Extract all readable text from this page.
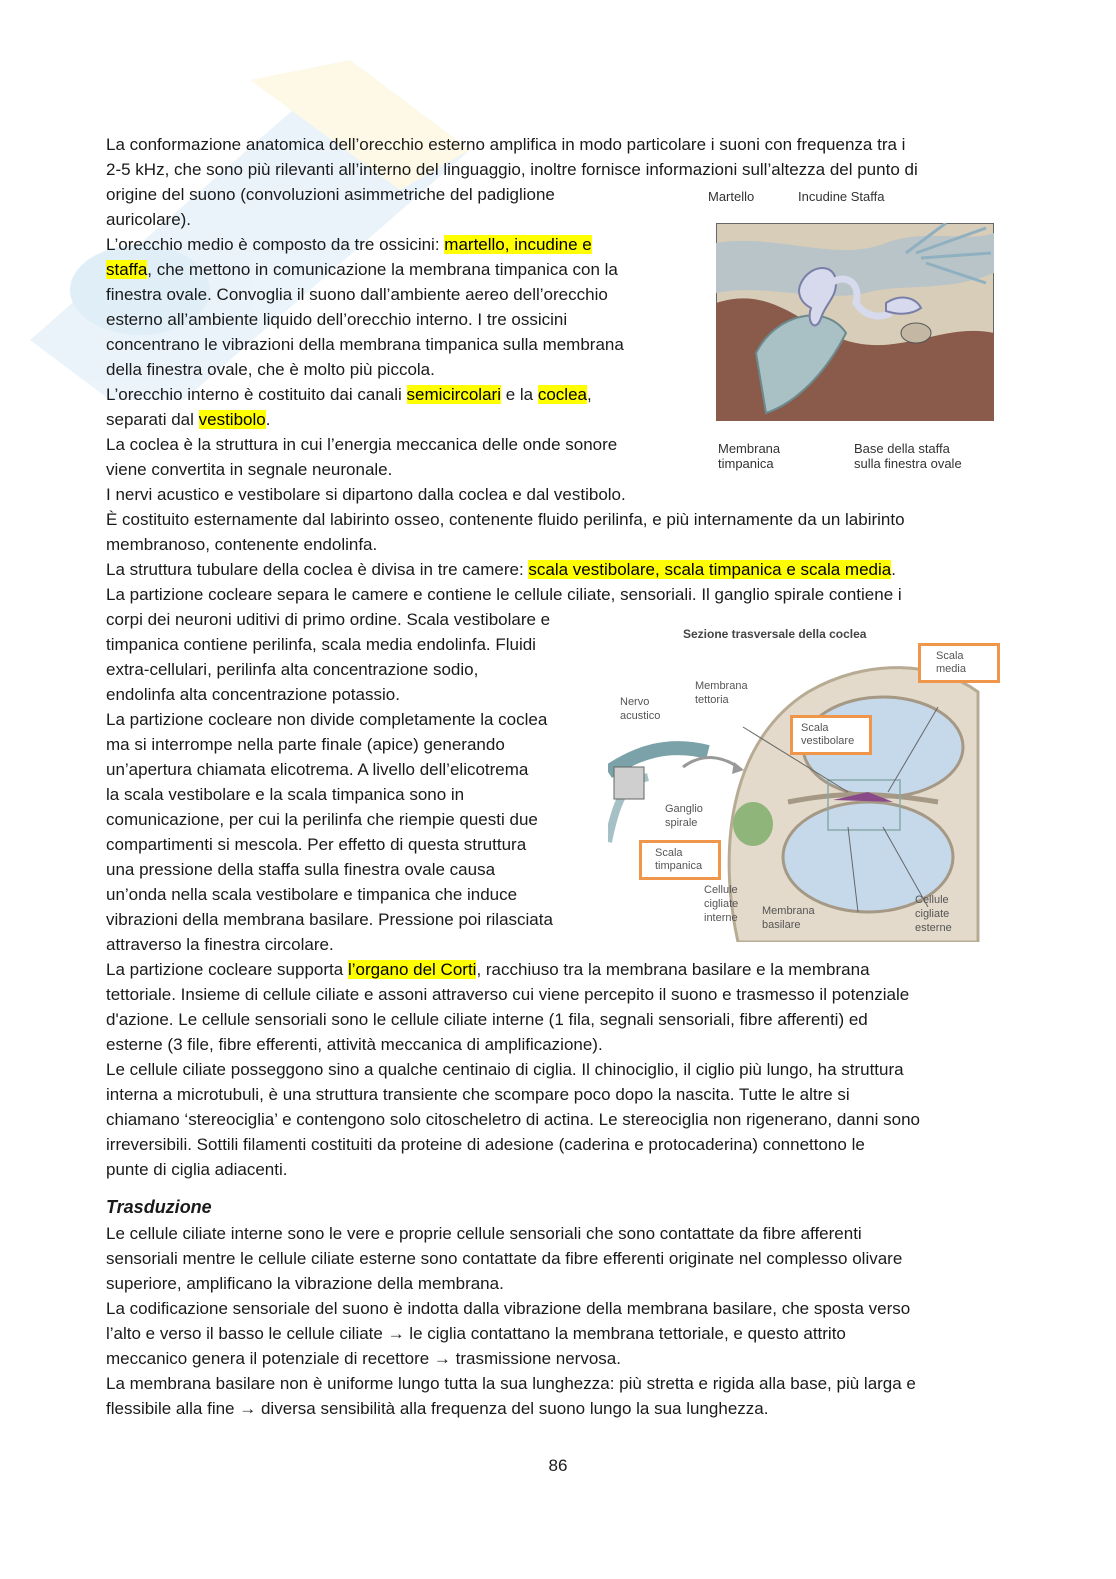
La conformazione anatomica dell’orecchio esterno amplifica in modo particolare i suoni con frequenza tra i
2-5 kHz, che sono più rilevanti all’interno del linguaggio, inoltre fornisce informazioni sull’altezza del punto di
origine del suono (convoluzioni asimmetriche del padiglione
auricolare).
L’orecchio medio è composto da tre ossicini: martello, incudine e
staffa, che mettono in comunicazione la membrana timpanica con la
finestra ovale. Convoglia il suono dall’ambiente aereo dell’orecchio
esterno all’ambiente liquido dell’orecchio interno. I tre ossicini
concentrano le vibrazioni della membrana timpanica sulla membrana
della finestra ovale, che è molto più piccola.
L’orecchio interno è costituito dai canali semicircolari e la coclea,
separati dal vestibolo.
La coclea è la struttura in cui l’energia meccanica delle onde sonore
viene convertita in segnale neuronale.
I nervi acustico e vestibolare si dipartono dalla coclea e dal vestibolo.
È costituito esternamente dal labirinto osseo, contenente fluido perilinfa, e più internamente da un labirinto
membranoso, contenente endolinfa.
La struttura tubulare della coclea è divisa in tre camere: scala vestibolare, scala timpanica e scala media.
La partizione cocleare separa le camere e contiene le cellule ciliate, sensoriali. Il ganglio spirale contiene i
corpi dei neuroni uditivi di primo ordine. Scala vestibolare e
timpanica contiene perilinfa, scala media endolinfa. Fluidi
extra-cellulari, perilinfa alta concentrazione sodio,
endolinfa alta concentrazione potassio.
La partizione cocleare non divide completamente la coclea
ma si interrompe nella parte finale (apice) generando
un’apertura chiamata elicotrema. A livello dell’elicotrema
la scala vestibolare e la scala timpanica sono in
comunicazione, per cui la perilinfa che riempie questi due
compartimenti si mescola. Per effetto di questa struttura
una pressione della staffa sulla finestra ovale causa
un’onda nella scala vestibolare e timpanica che induce
vibrazioni della membrana basilare. Pressione poi rilasciata
attraverso la finestra circolare.
La partizione cocleare supporta l’organo del Corti, racchiuso tra la membrana basilare e la membrana
tettoriale. Insieme di cellule ciliate e assoni attraverso cui viene percepito il suono e trasmesso il potenziale
d'azione. Le cellule sensoriali sono le cellule ciliate interne (1 fila, segnali sensoriali, fibre afferenti) ed
esterne (3 file, fibre efferenti, attività meccanica di amplificazione).
Le cellule ciliate posseggono sino a qualche centinaio di ciglia. Il chinociglio, il ciglio più lungo, ha struttura
interna a microtubuli, è una struttura transiente che scompare poco dopo la nascita. Tutte le altre si
chiamano ‘stereociglia’ e contengono solo citoscheletro di actina. Le stereociglia non rigenerano, danni sono
irreversibili. Sottili filamenti costituiti da proteine di adesione (caderina e protocaderina) connettono le
punte di ciglia adiacenti.
Trasduzione
Le cellule ciliate interne sono le vere e proprie cellule sensoriali che sono contattate da fibre afferenti
sensoriali mentre le cellule ciliate esterne sono contattate da fibre efferenti originate nel complesso olivare
superiore, amplificano la vibrazione della membrana.
La codificazione sensoriale del suono è indotta dalla vibrazione della membrana basilare, che sposta verso
l’alto e verso il basso le cellule ciliate → le ciglia contattano la membrana tettoriale, e questo attrito
meccanico genera il potenziale di recettore → trasmissione nervosa.
La membrana basilare non è uniforme lungo tutta la sua lunghezza: più stretta e rigida alla base, più larga e
flessibile alla fine → diversa sensibilità alla frequenza del suono lungo la sua lunghezza.
Martello	Incudine Staffa
Membrana
timpanica
Base della staffa
sulla finestra ovale
Sezione trasversale della coclea
Scala
media
Membrana
tettoria
Nervo
acustico
Scala
vestibolare
Ganglio
spirale
Scala
timpanica
Cellule
cigliate
interne
Membrana
basilare
Cellule
cigliate
esterne
86
